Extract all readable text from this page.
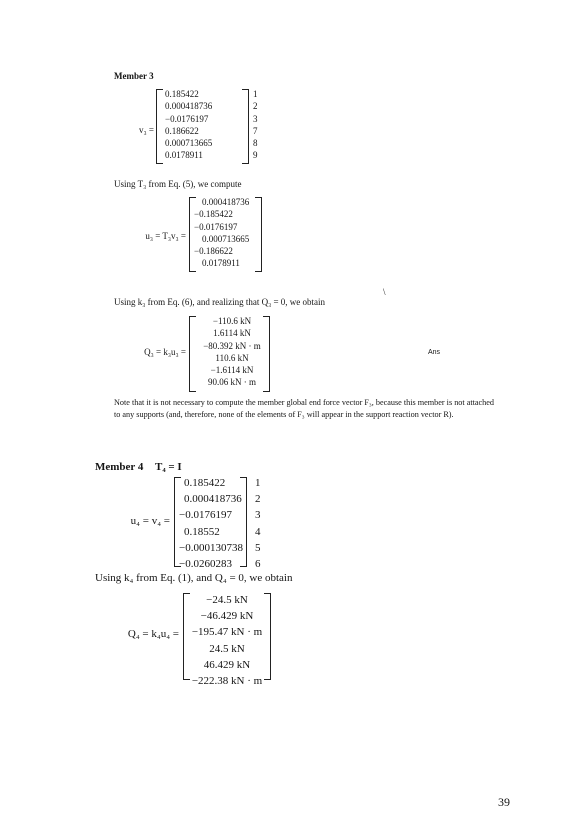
Member 3
v₃ =
0.185422
0.000418736
−0.0176197
0.186622
0.000713665
0.0178911
1
2
3
7
8
9
Using T₃ from Eq. (5), we compute
u₃ = T₃v₃ =
0.000418736
−0.185422
−0.0176197
0.000713665
−0.186622
0.0178911
\
Using k₃ from Eq. (6), and realizing that Q₃ = 0, we obtain
Q₃ = k₃u₃ =
−110.6 kN
1.6114 kN
−80.392 kN · m
110.6 kN
−1.6114 kN
90.06 kN · m
Ans
Note that it is not necessary to compute the member global end force vector F₃, because this member is not attached to any supports (and, therefore, none of the elements of F₃ will appear in the support reaction vector R).
Member 4 T₄ = I
u₄ = v₄ =
0.185422
0.000418736
−0.0176197
0.18552
−0.000130738
−0.0260283
1
2
3
4
5
6
Using k₄ from Eq. (1), and Q₄ = 0, we obtain
Q₄ = k₄u₄ =
−24.5 kN
−46.429 kN
−195.47 kN · m
24.5 kN
46.429 kN
−222.38 kN · m
39
